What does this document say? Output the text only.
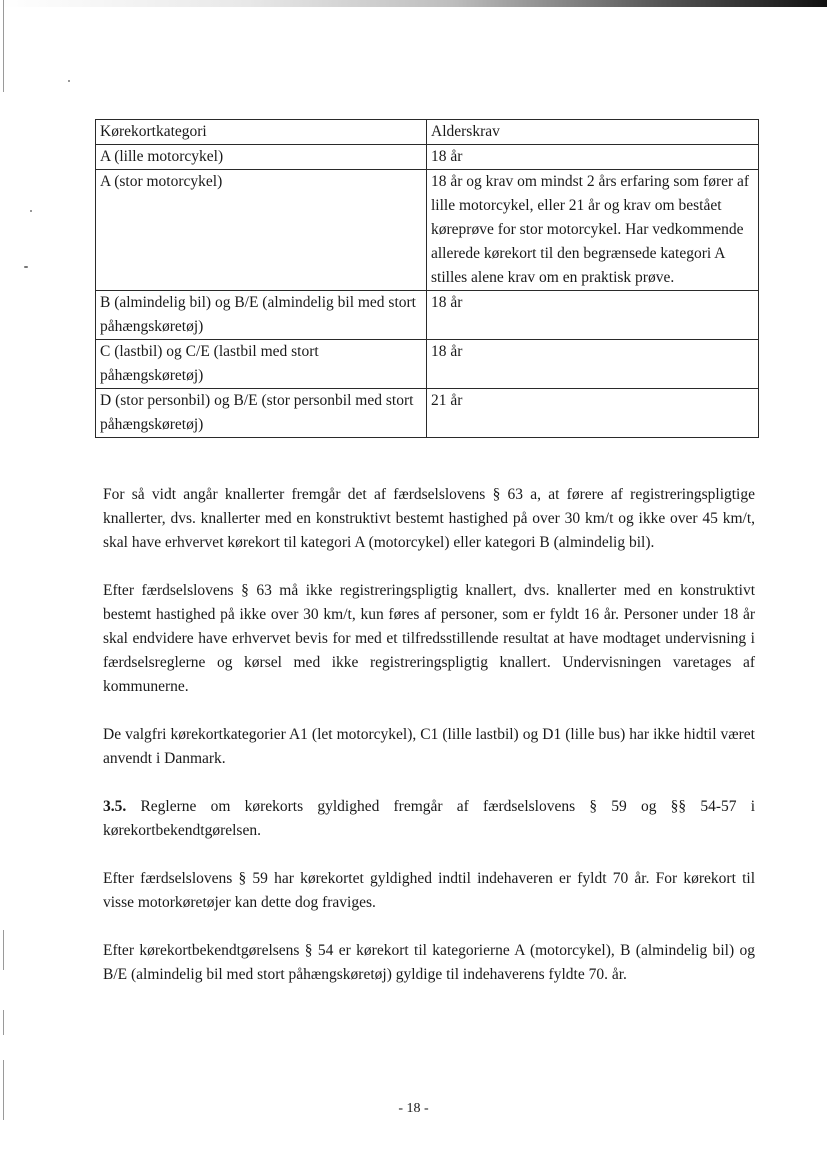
Kørekortkategori	Alderskrav
A (lille motorcykel)	18 år
A (stor motorcykel)	18 år og krav om mindst 2 års erfaring som fører af lille motorcykel, eller 21 år og krav om bestået køreprøve for stor motorcykel. Har vedkommende allerede kørekort til den begrænsede kategori A stilles alene krav om en praktisk prøve.
B (almindelig bil) og B/E (almindelig bil med stort påhængskøretøj)	18 år
C (lastbil) og C/E (lastbil med stort påhængskøretøj)	18 år
D (stor personbil) og B/E (stor personbil med stort påhængskøretøj)	21 år

For så vidt angår knallerter fremgår det af færdselslovens § 63 a, at førere af registreringspligtige knallerter, dvs. knallerter med en konstruktivt bestemt hastighed på over 30 km/t og ikke over 45 km/t, skal have erhvervet kørekort til kategori A (motorcykel) eller kategori B (almindelig bil).

Efter færdselslovens § 63 må ikke registreringspligtig knallert, dvs. knallerter med en konstruktivt bestemt hastighed på ikke over 30 km/t, kun føres af personer, som er fyldt 16 år. Personer under 18 år skal endvidere have erhvervet bevis for med et tilfredsstillende resultat at have modtaget undervisning i færdselsreglerne og kørsel med ikke registreringspligtig knallert. Undervisningen varetages af kommunerne.

De valgfri kørekortkategorier A1 (let motorcykel), C1 (lille lastbil) og D1 (lille bus) har ikke hidtil været anvendt i Danmark.

3.5. Reglerne om kørekorts gyldighed fremgår af færdselslovens § 59 og §§ 54-57 i kørekortbekendtgørelsen.

Efter færdselslovens § 59 har kørekortet gyldighed indtil indehaveren er fyldt 70 år. For kørekort til visse motorkøretøjer kan dette dog fraviges.

Efter kørekortbekendtgørelsens § 54 er kørekort til kategorierne A (motorcykel), B (almindelig bil) og B/E (almindelig bil med stort påhængskøretøj) gyldige til indehaverens fyldte 70. år.

- 18 -
